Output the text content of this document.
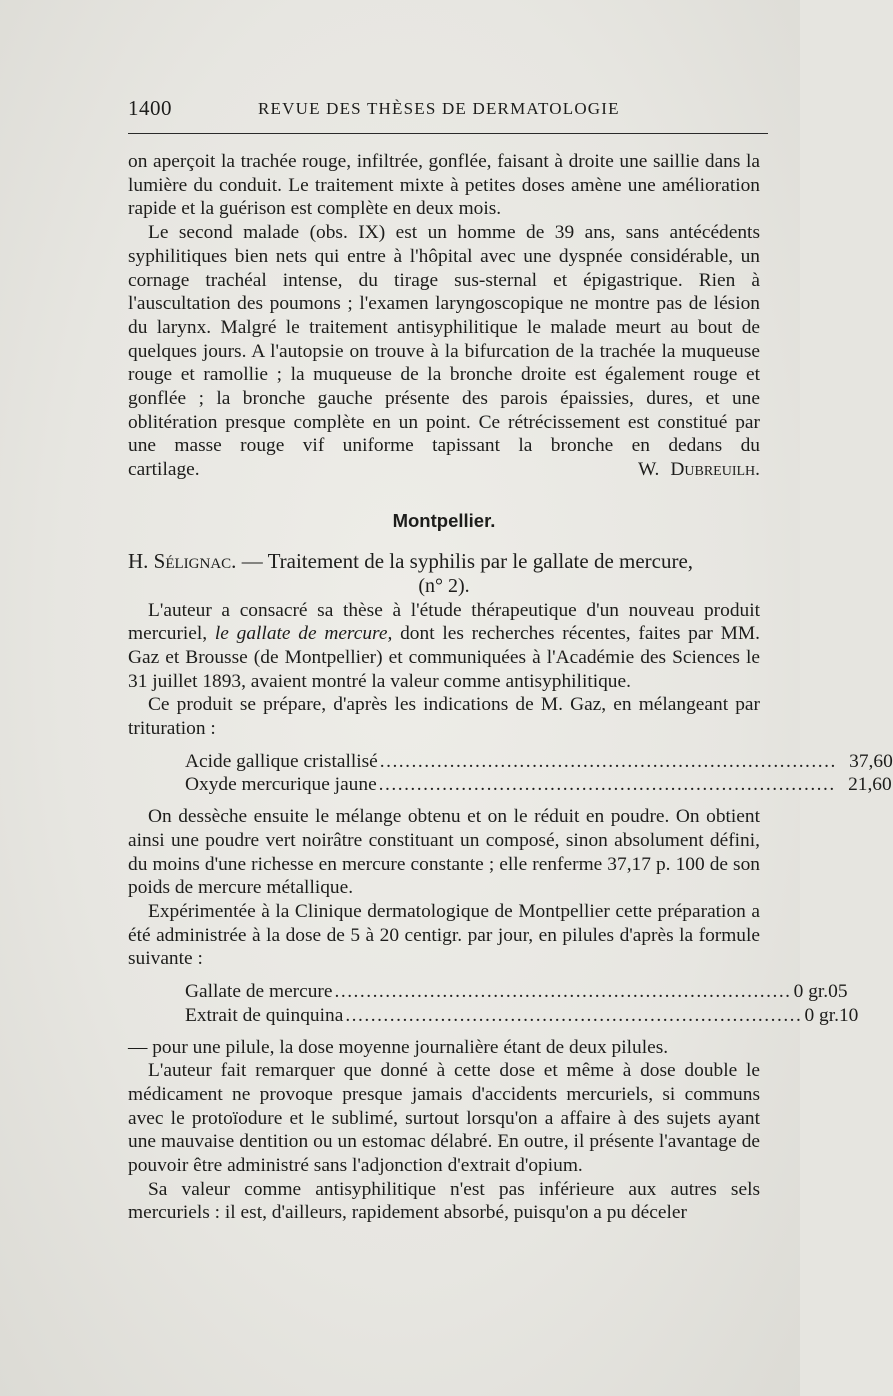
1400	REVUE DES THÈSES DE DERMATOLOGIE

on aperçoit la trachée rouge, infiltrée, gonflée, faisant à droite une saillie dans la lumière du conduit. Le traitement mixte à petites doses amène une amélioration rapide et la guérison est complète en deux mois.

Le second malade (obs. IX) est un homme de 39 ans, sans antécédents syphilitiques bien nets qui entre à l'hôpital avec une dyspnée considérable, un cornage trachéal intense, du tirage sus-sternal et épigastrique. Rien à l'auscultation des poumons ; l'examen laryngoscopique ne montre pas de lésion du larynx. Malgré le traitement antisyphilitique le malade meurt au bout de quelques jours. A l'autopsie on trouve à la bifurcation de la trachée la muqueuse rouge et ramollie ; la muqueuse de la bronche droite est également rouge et gonflée ; la bronche gauche présente des parois épaissies, dures, et une oblitération presque complète en un point. Ce rétrécissement est constitué par une masse rouge vif uniforme tapissant la bronche en dedans du cartilage.	W. Dubreuilh.

Montpellier.

H. Sélignac. — Traitement de la syphilis par le gallate de mercure,

(n° 2).

L'auteur a consacré sa thèse à l'étude thérapeutique d'un nouveau produit mercuriel, le gallate de mercure, dont les recherches récentes, faites par MM. Gaz et Brousse (de Montpellier) et communiquées à l'Académie des Sciences le 31 juillet 1893, avaient montré la valeur comme antisyphilitique.

Ce produit se prépare, d'après les indications de M. Gaz, en mélangeant par trituration :

Acide gallique cristallisé ........................................................................ 37,60
Oxyde mercurique jaune ........................................................................ 21,60

On dessèche ensuite le mélange obtenu et on le réduit en poudre. On obtient ainsi une poudre vert noirâtre constituant un composé, sinon absolument défini, du moins d'une richesse en mercure constante ; elle renferme 37,17 p. 100 de son poids de mercure métallique.

Expérimentée à la Clinique dermatologique de Montpellier cette préparation a été administrée à la dose de 5 à 20 centigr. par jour, en pilules d'après la formule suivante :

Gallate de mercure ........................................................................ 0 gr.05
Extrait de quinquina ........................................................................ 0 gr.10

— pour une pilule, la dose moyenne journalière étant de deux pilules.

L'auteur fait remarquer que donné à cette dose et même à dose double le médicament ne provoque presque jamais d'accidents mercuriels, si communs avec le protoïodure et le sublimé, surtout lorsqu'on a affaire à des sujets ayant une mauvaise dentition ou un estomac délabré. En outre, il présente l'avantage de pouvoir être administré sans l'adjonction d'extrait d'opium.

Sa valeur comme antisyphilitique n'est pas inférieure aux autres sels mercuriels : il est, d'ailleurs, rapidement absorbé, puisqu'on a pu déceler
